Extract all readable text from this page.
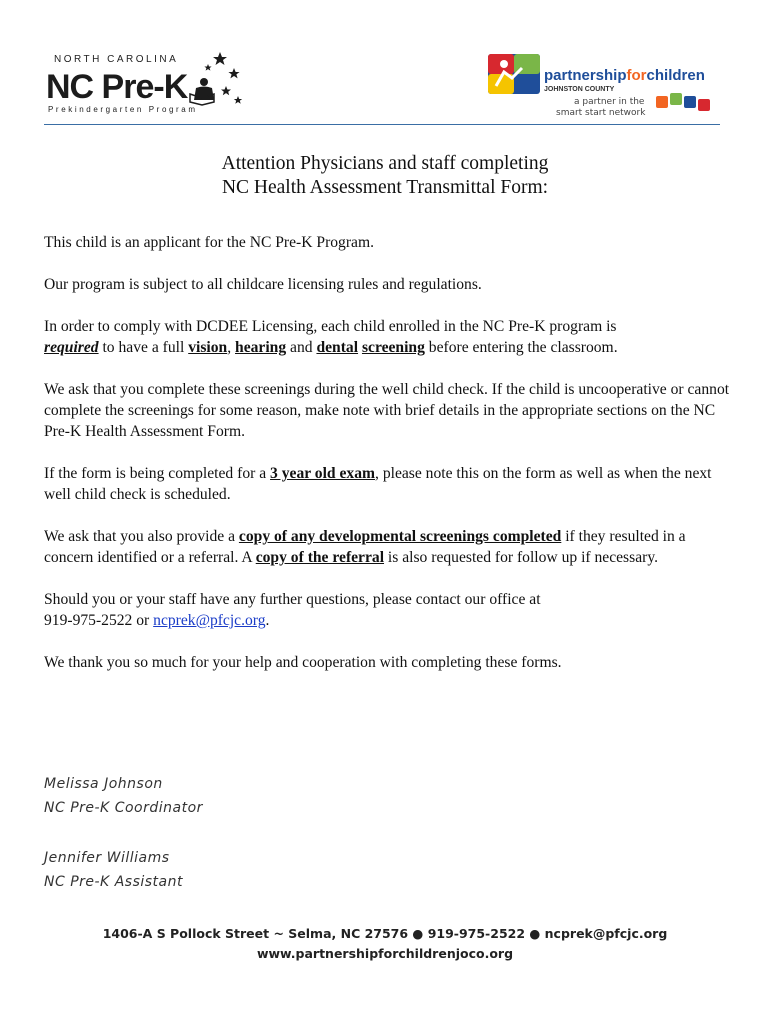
NORTH CAROLINA
NC Pre-K
Prekindergarten Program
partnershipforchildren
JOHNSTON COUNTY
a partner in the
smart start network
Attention Physicians and staff completing
NC Health Assessment Transmittal Form:

This child is an applicant for the NC Pre-K Program.

Our program is subject to all childcare licensing rules and regulations.

In order to comply with DCDEE Licensing, each child enrolled in the NC Pre-K program is
required to have a full vision, hearing and dental screening before entering the classroom.

We ask that you complete these screenings during the well child check. If the child is uncooperative or cannot complete the screenings for some reason, make note with brief details in the appropriate sections on the NC Pre-K Health Assessment Form.

If the form is being completed for a 3 year old exam, please note this on the form as well as when the next well child check is scheduled.

We ask that you also provide a copy of any developmental screenings completed if they resulted in a concern identified or a referral. A copy of the referral is also requested for follow up if necessary.

Should you or your staff have any further questions, please contact our office at
919-975-2522 or ncprek@pfcjc.org.

We thank you so much for your help and cooperation with completing these forms.

Melissa Johnson
NC Pre-K Coordinator
Jennifer Williams
NC Pre-K Assistant
1406-A S Pollock Street ~ Selma, NC 27576 ● 919-975-2522 ● ncprek@pfcjc.org
www.partnershipforchildrenjoco.org
